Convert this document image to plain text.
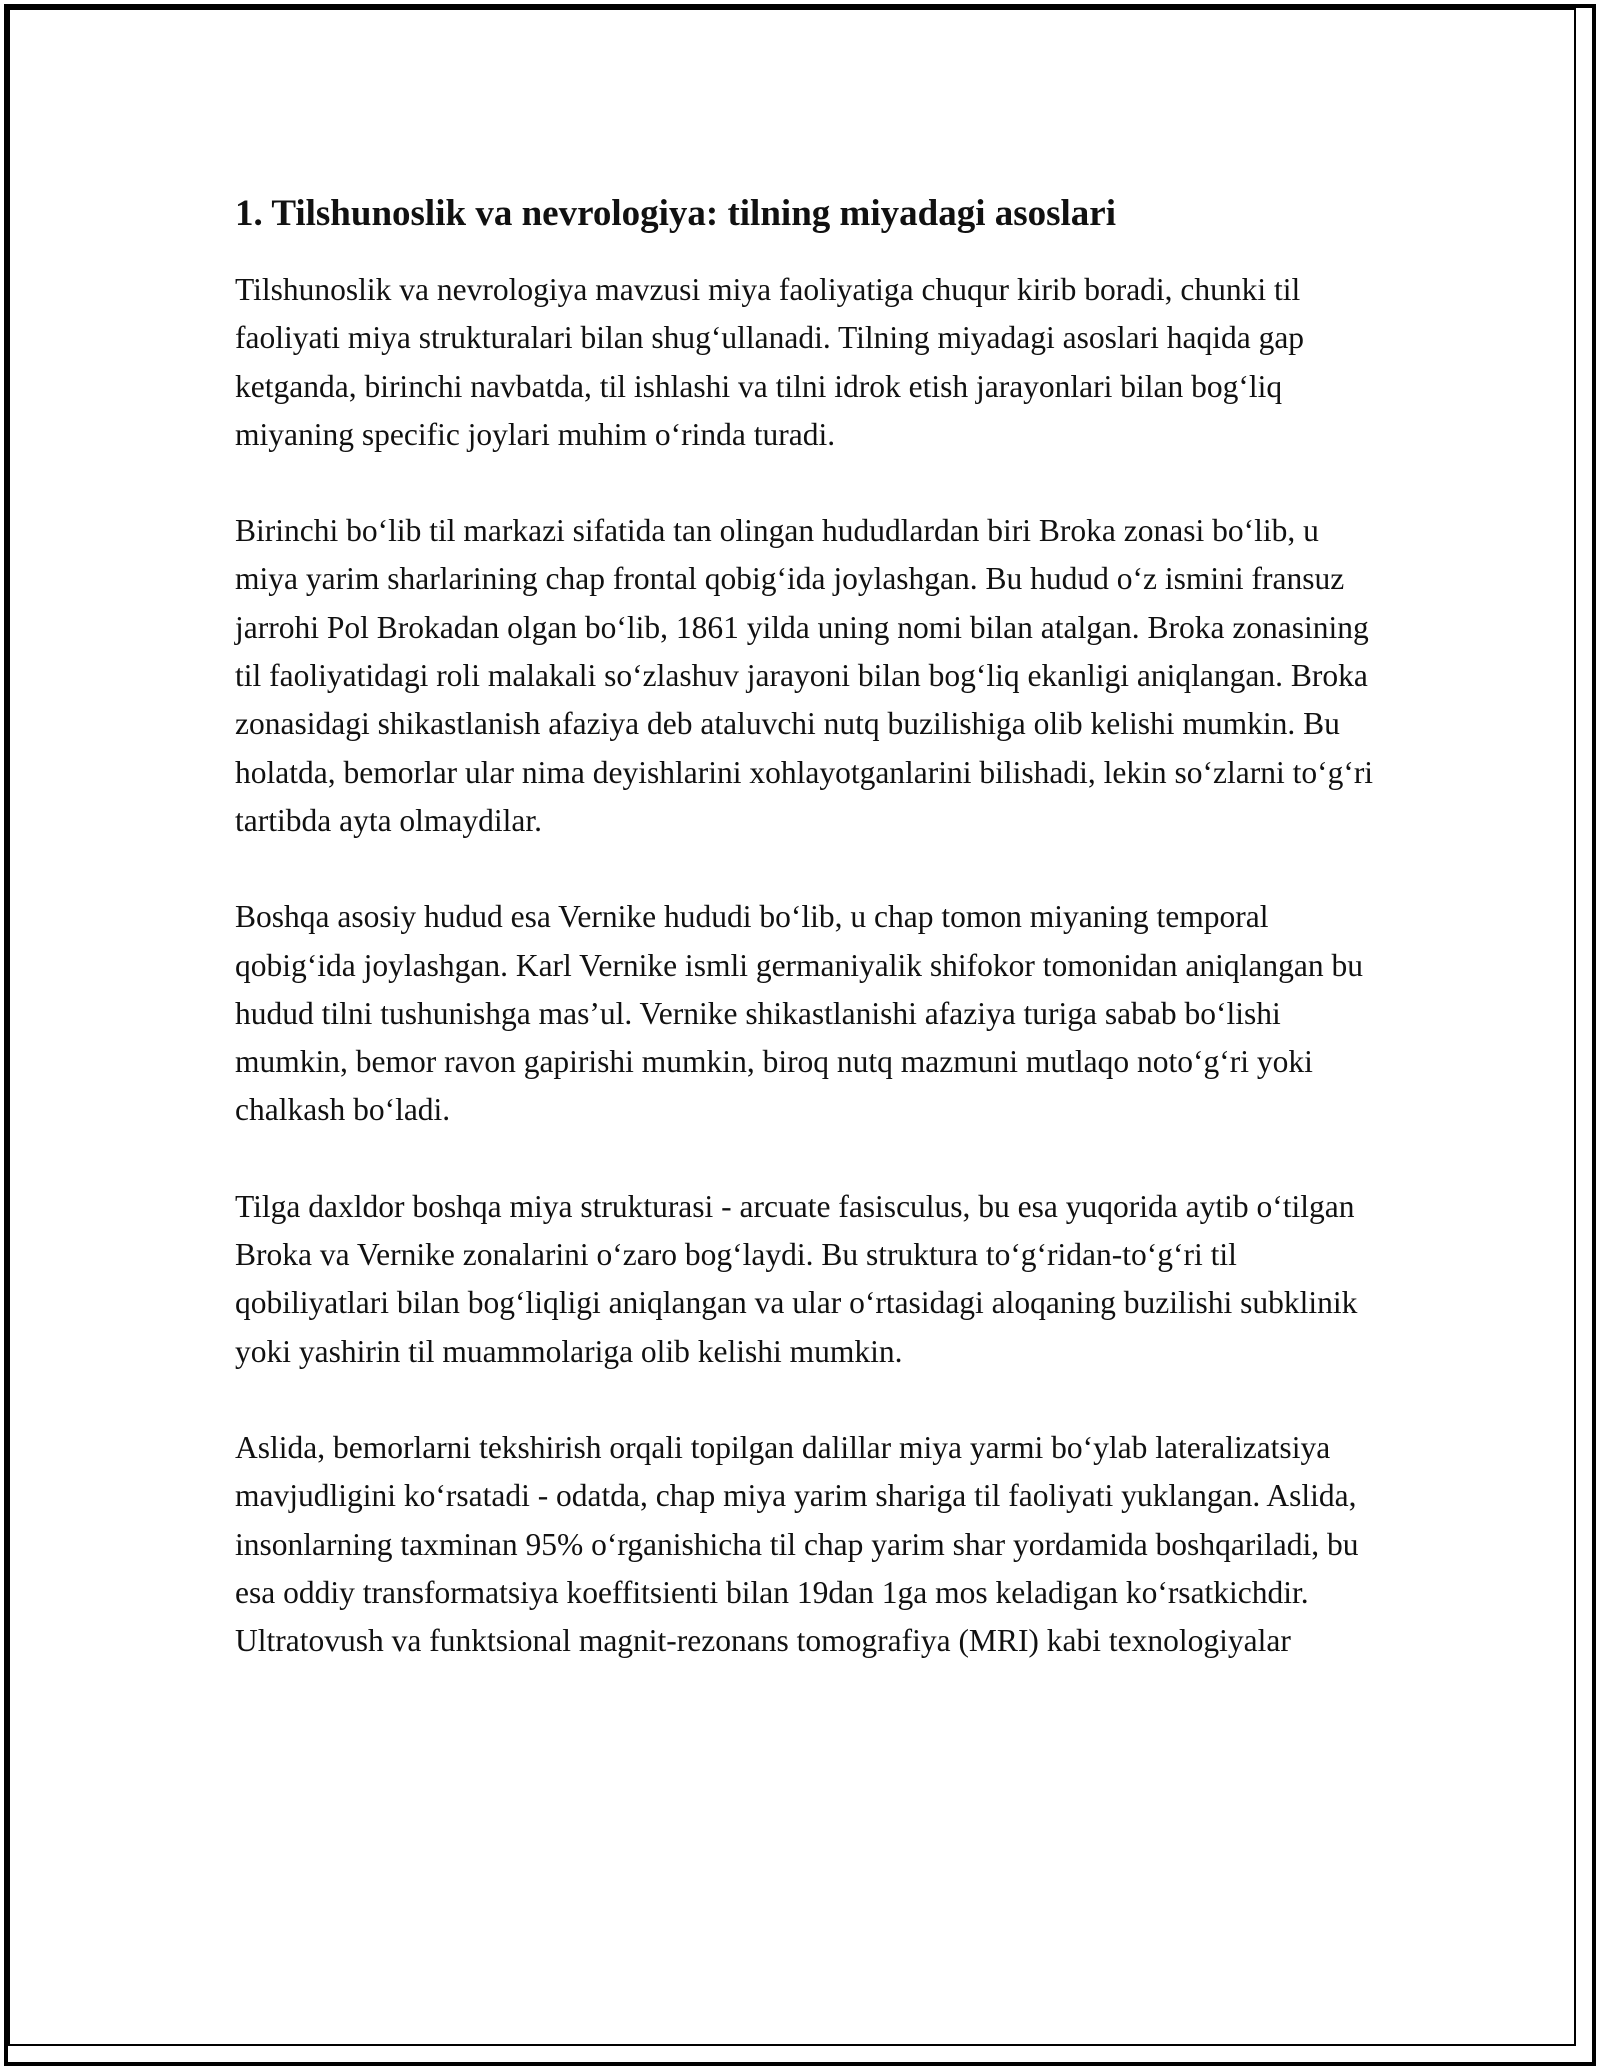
1. Tilshunoslik va nevrologiya: tilning miyadagi asoslari

Tilshunoslik va nevrologiya mavzusi miya faoliyatiga chuqur kirib boradi, chunki til faoliyati miya strukturalari bilan shug‘ullanadi. Tilning miyadagi asoslari haqida gap ketganda, birinchi navbatda, til ishlashi va tilni idrok etish jarayonlari bilan bog‘liq miyaning specific joylari muhim o‘rinda turadi.

Birinchi bo‘lib til markazi sifatida tan olingan hududlardan biri Broka zonasi bo‘lib, u miya yarim sharlarining chap frontal qobig‘ida joylashgan. Bu hudud o‘z ismini fransuz jarrohi Pol Brokadan olgan bo‘lib, 1861 yilda uning nomi bilan atalgan. Broka zonasining til faoliyatidagi roli malakali so‘zlashuv jarayoni bilan bog‘liq ekanligi aniqlangan. Broka zonasidagi shikastlanish afaziya deb ataluvchi nutq buzilishiga olib kelishi mumkin. Bu holatda, bemorlar ular nima deyishlarini xohlayotganlarini bilishadi, lekin so‘zlarni to‘g‘ri tartibda ayta olmaydilar.

Boshqa asosiy hudud esa Vernike hududi bo‘lib, u chap tomon miyaning temporal qobig‘ida joylashgan. Karl Vernike ismli germaniyalik shifokor tomonidan aniqlangan bu hudud tilni tushunishga mas’ul. Vernike shikastlanishi afaziya turiga sabab bo‘lishi mumkin, bemor ravon gapirishi mumkin, biroq nutq mazmuni mutlaqo noto‘g‘ri yoki chalkash bo‘ladi.

Tilga daxldor boshqa miya strukturasi - arcuate fasisculus, bu esa yuqorida aytib o‘tilgan Broka va Vernike zonalarini o‘zaro bog‘laydi. Bu struktura to‘g‘ridan-to‘g‘ri til qobiliyatlari bilan bog‘liqligi aniqlangan va ular o‘rtasidagi aloqaning buzilishi subklinik yoki yashirin til muammolariga olib kelishi mumkin.

Aslida, bemorlarni tekshirish orqali topilgan dalillar miya yarmi bo‘ylab lateralizatsiya mavjudligini ko‘rsatadi - odatda, chap miya yarim shariga til faoliyati yuklangan. Aslida, insonlarning taxminan 95% o‘rganishicha til chap yarim shar yordamida boshqariladi, bu esa oddiy transformatsiya koeffitsienti bilan 19dan 1ga mos keladigan ko‘rsatkichdir. Ultratovush va funktsional magnit-rezonans tomografiya (MRI) kabi texnologiyalar
